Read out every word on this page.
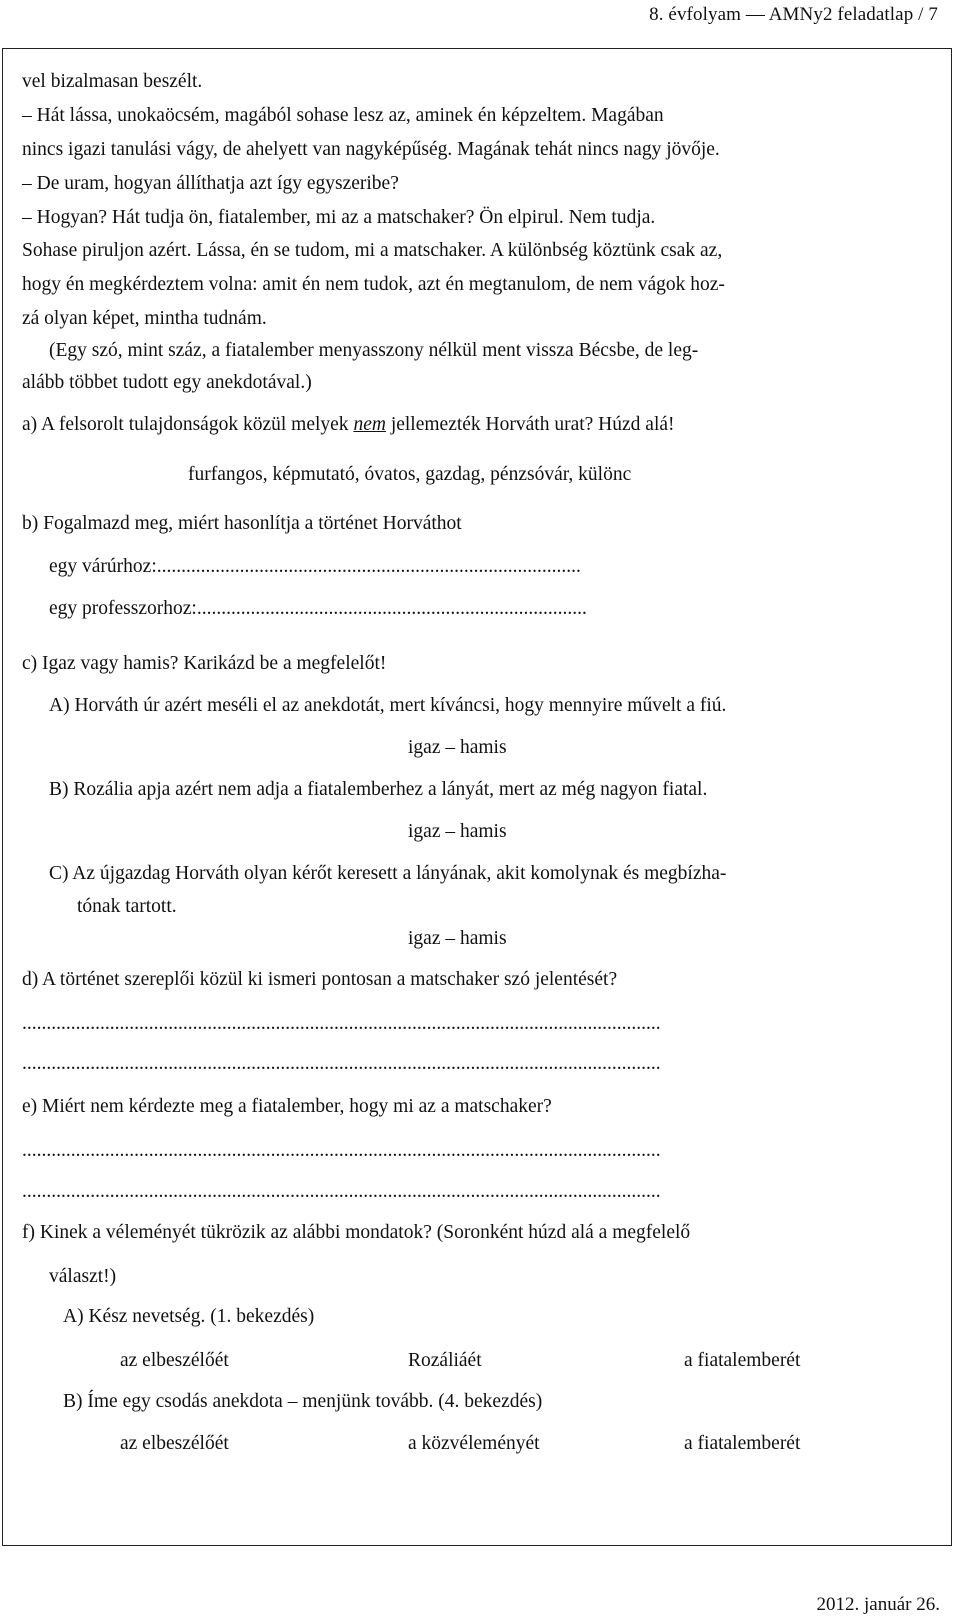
8. évfolyam — AMNy2 feladatlap / 7
vel bizalmasan beszélt.
– Hát lássa, unokaöcsém, magából sohase lesz az, aminek én képzeltem. Magában
nincs igazi tanulási vágy, de ahelyett van nagyképűség. Magának tehát nincs nagy jövője.
– De uram, hogyan állíthatja azt így egyszeribe?
– Hogyan? Hát tudja ön, fiatalember, mi az a matschaker? Ön elpirul. Nem tudja.
Sohase piruljon azért. Lássa, én se tudom, mi a matschaker. A különbség köztünk csak az,
hogy én megkérdeztem volna: amit én nem tudok, azt én megtanulom, de nem vágok hoz-
zá olyan képet, mintha tudnám.
(Egy szó, mint száz, a fiatalember menyasszony nélkül ment vissza Bécsbe, de leg-
alább többet tudott egy anekdotával.)
a) A felsorolt tulajdonságok közül melyek nem jellemezték Horváth urat? Húzd alá!
furfangos, képmutató, óvatos, gazdag, pénzsóvár, különc
b) Fogalmazd meg, miért hasonlítja a történet Horváthot
egy várúrhoz:.......................................................................................
egy professzorhoz:................................................................................
c) Igaz vagy hamis? Karikázd be a megfelelőt!
A) Horváth úr azért meséli el az anekdotát, mert kíváncsi, hogy mennyire művelt a fiú.
igaz – hamis
B) Rozália apja azért nem adja a fiatalemberhez a lányát, mert az még nagyon fiatal.
igaz – hamis
C) Az újgazdag Horváth olyan kérőt keresett a lányának, akit komolynak és megbízha-
tónak tartott.
igaz – hamis
d) A történet szereplői közül ki ismeri pontosan a matschaker szó jelentését?
...................................................................................................................................
...................................................................................................................................
e) Miért nem kérdezte meg a fiatalember, hogy mi az a matschaker?
...................................................................................................................................
...................................................................................................................................
f) Kinek a véleményét tükrözik az alábbi mondatok? (Soronként húzd alá a megfelelő
választ!)
A) Kész nevetség. (1. bekezdés)
az elbeszélőét	Rozáliáét	a fiatalemberét
B) Íme egy csodás anekdota – menjünk tovább. (4. bekezdés)
az elbeszélőét	a közvéleményét	a fiatalemberét
2012. január 26.
